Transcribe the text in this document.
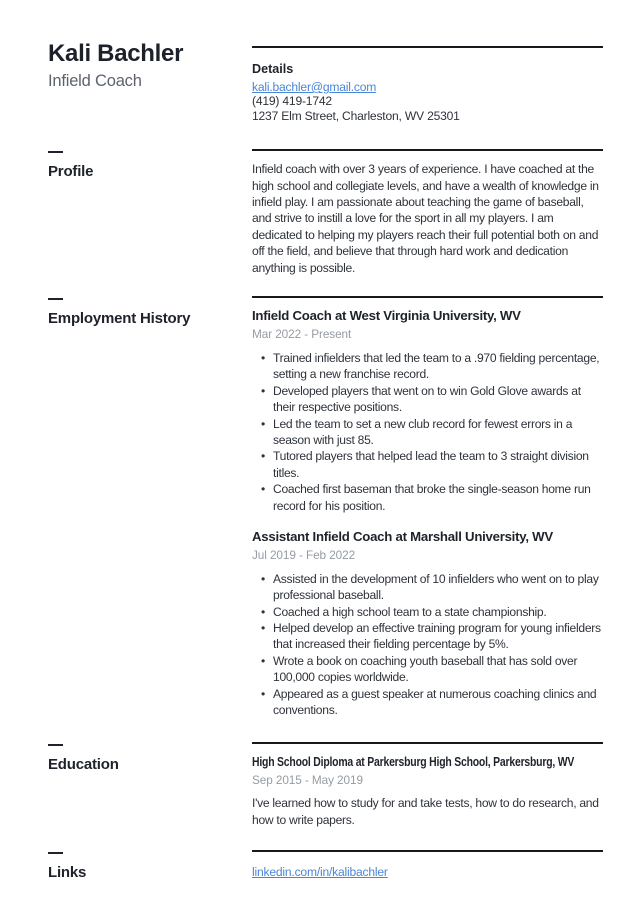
Kali Bachler
Infield Coach
Details
kali.bachler@gmail.com
(419) 419-1742
1237 Elm Street, Charleston, WV 25301
Profile	Infield coach with over 3 years of experience. I have coached at the high school and collegiate levels, and have a wealth of knowledge in infield play. I am passionate about teaching the game of baseball, and strive to instill a love for the sport in all my players. I am dedicated to helping my players reach their full potential both on and off the field, and believe that through hard work and dedication anything is possible.

Employment History	Infield Coach at West Virginia University, WV
Mar 2022 - Present
• Trained infielders that led the team to a .970 fielding percentage, setting a new franchise record.
• Developed players that went on to win Gold Glove awards at their respective positions.
• Led the team to set a new club record for fewest errors in a season with just 85.
• Tutored players that helped lead the team to 3 straight division titles.
• Coached first baseman that broke the single-season home run record for his position.
Assistant Infield Coach at Marshall University, WV
Jul 2019 - Feb 2022
• Assisted in the development of 10 infielders who went on to play professional baseball.
• Coached a high school team to a state championship.
• Helped develop an effective training program for young infielders that increased their fielding percentage by 5%.
• Wrote a book on coaching youth baseball that has sold over 100,000 copies worldwide.
• Appeared as a guest speaker at numerous coaching clinics and conventions.
Education	High School Diploma at Parkersburg High School, Parkersburg, WV
Sep 2015 - May 2019

I've learned how to study for and take tests, how to do research, and how to write papers.

Links	linkedin.com/in/kalibachler
